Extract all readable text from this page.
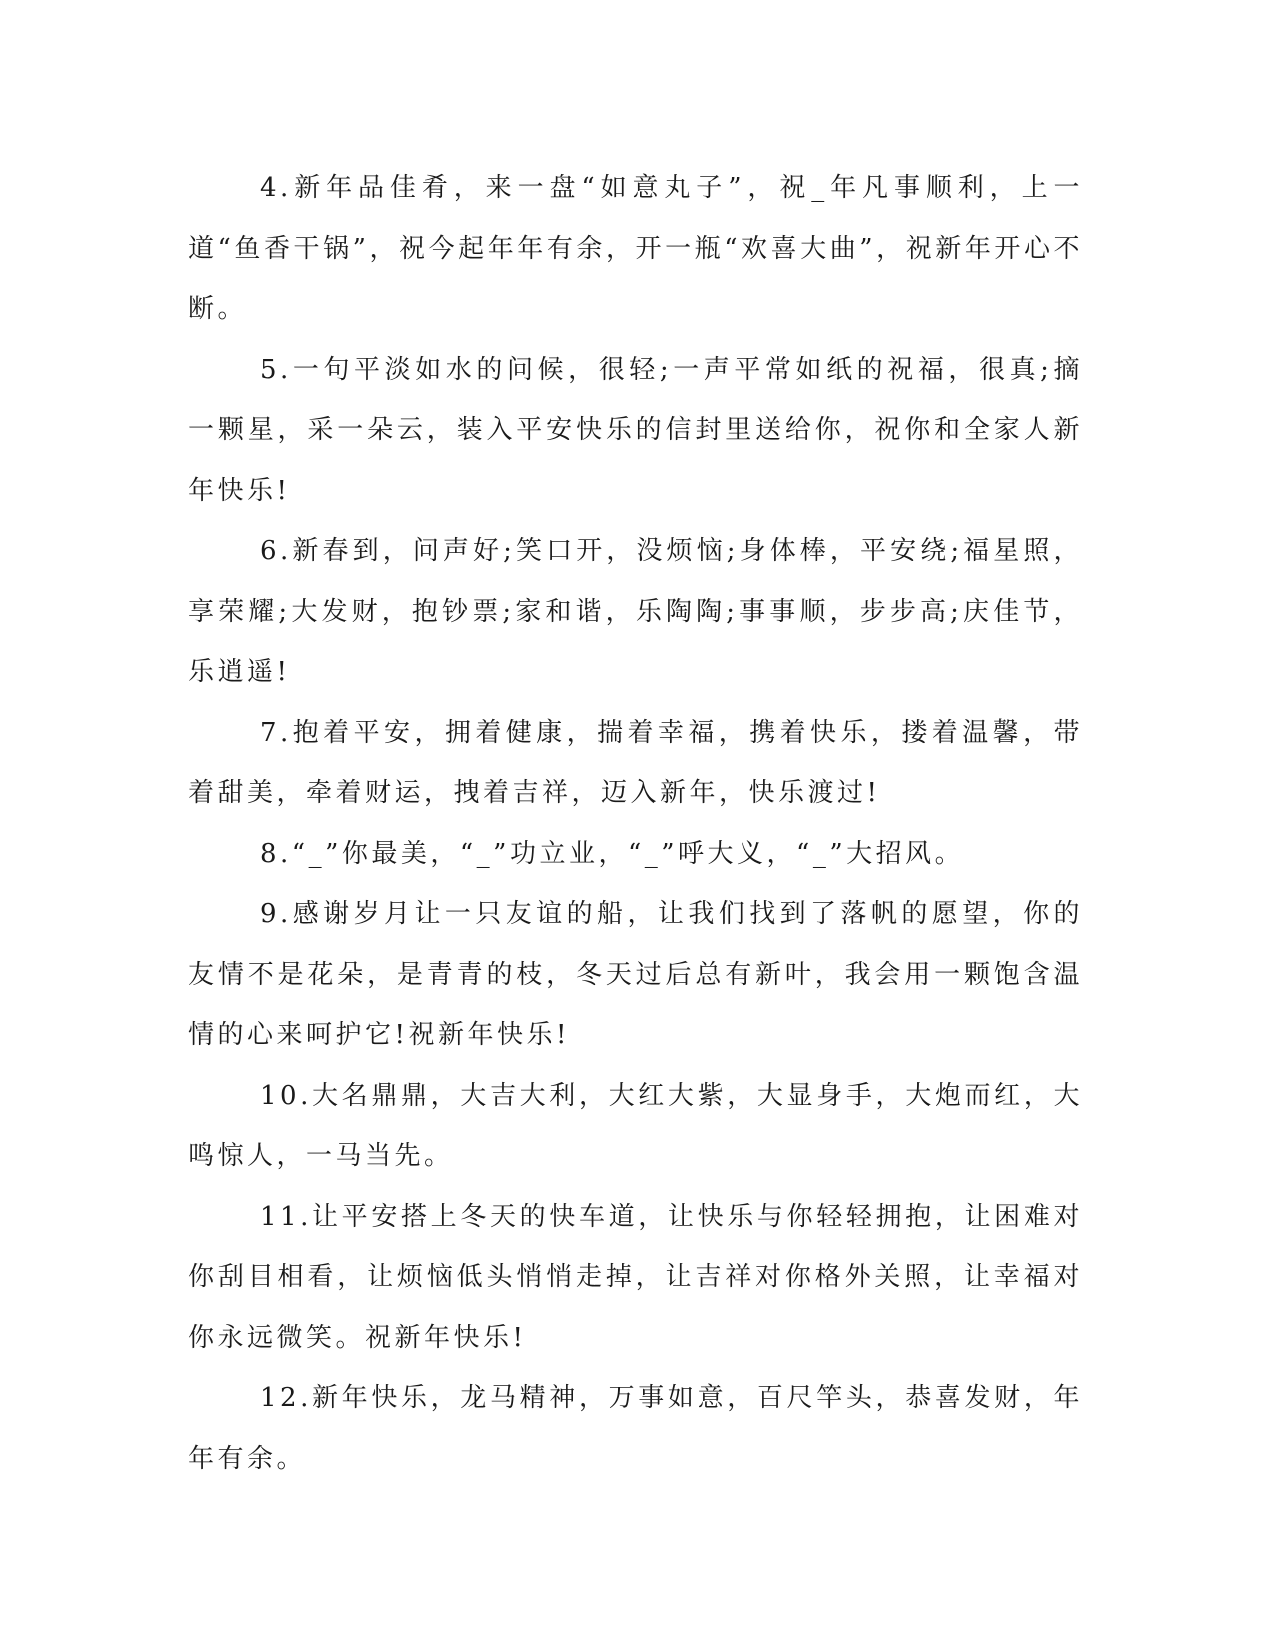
4.新年品佳肴，来一盘“如意丸子”，祝_年凡事顺利，上一道“鱼香干锅”，祝今起年年有余，开一瓶“欢喜大曲”，祝新年开心不断。

5.一句平淡如水的问候，很轻;一声平常如纸的祝福，很真;摘一颗星，采一朵云，装入平安快乐的信封里送给你，祝你和全家人新年快乐!

6.新春到，问声好;笑口开，没烦恼;身体棒，平安绕;福星照，享荣耀;大发财，抱钞票;家和谐，乐陶陶;事事顺，步步高;庆佳节，乐逍遥!

7.抱着平安，拥着健康，揣着幸福，携着快乐，搂着温馨，带着甜美，牵着财运，拽着吉祥，迈入新年，快乐渡过!

8.“_”你最美，“_”功立业，“_”呼大义，“_”大招风。

9.感谢岁月让一只友谊的船，让我们找到了落帆的愿望，你的友情不是花朵，是青青的枝，冬天过后总有新叶，我会用一颗饱含温情的心来呵护它!祝新年快乐!

10.大名鼎鼎，大吉大利，大红大紫，大显身手，大炮而红，大鸣惊人，一马当先。

11.让平安搭上冬天的快车道，让快乐与你轻轻拥抱，让困难对你刮目相看，让烦恼低头悄悄走掉，让吉祥对你格外关照，让幸福对你永远微笑。祝新年快乐!

12.新年快乐，龙马精神，万事如意，百尺竿头，恭喜发财，年年有余。
